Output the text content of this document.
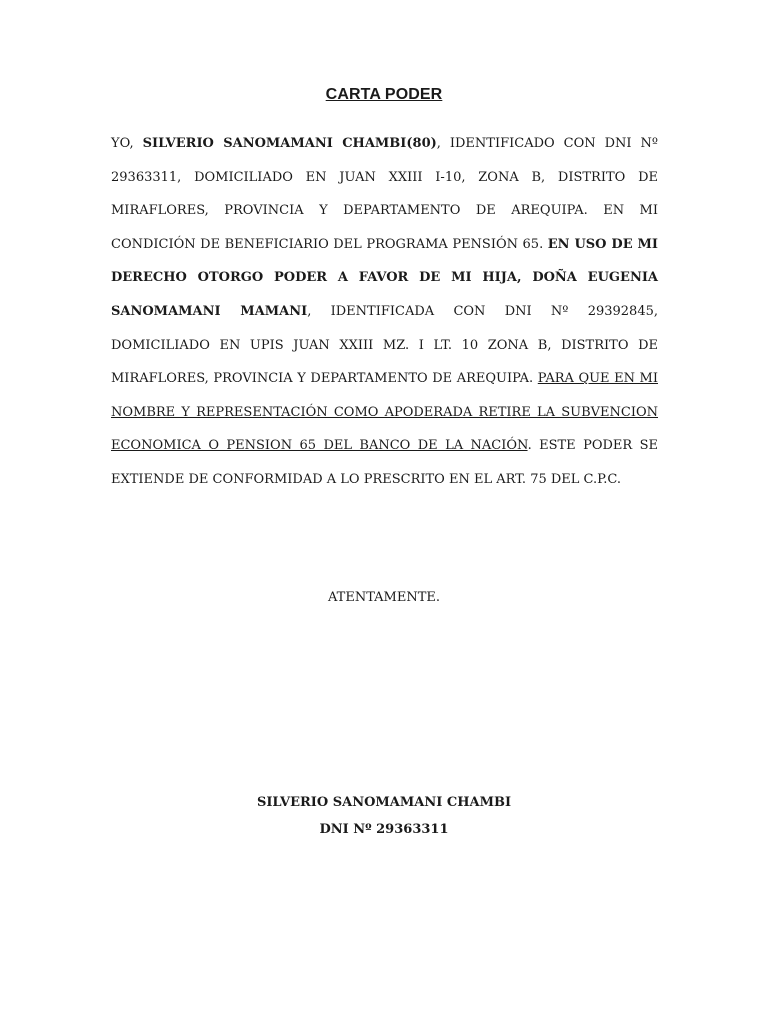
CARTA PODER

YO, SILVERIO SANOMAMANI CHAMBI(80), IDENTIFICADO CON DNI Nº 29363311, DOMICILIADO EN JUAN XXIII I-10, ZONA B, DISTRITO DE MIRAFLORES, PROVINCIA Y DEPARTAMENTO DE AREQUIPA. EN MI CONDICIÓN DE BENEFICIARIO DEL PROGRAMA PENSIÓN 65. EN USO DE MI DERECHO OTORGO PODER A FAVOR DE MI HIJA, DOÑA EUGENIA SANOMAMANI MAMANI, IDENTIFICADA CON DNI Nº 29392845, DOMICILIADO EN UPIS JUAN XXIII MZ. I LT. 10 ZONA B, DISTRITO DE MIRAFLORES, PROVINCIA Y DEPARTAMENTO DE AREQUIPA. PARA QUE EN MI NOMBRE Y REPRESENTACIÓN COMO APODERADA RETIRE LA SUBVENCION ECONOMICA O PENSION 65 DEL BANCO DE LA NACIÓN. ESTE PODER SE EXTIENDE DE CONFORMIDAD A LO PRESCRITO EN EL ART. 75 DEL C.P.C.

ATENTAMENTE.
SILVERIO SANOMAMANI CHAMBI
DNI Nº 29363311
